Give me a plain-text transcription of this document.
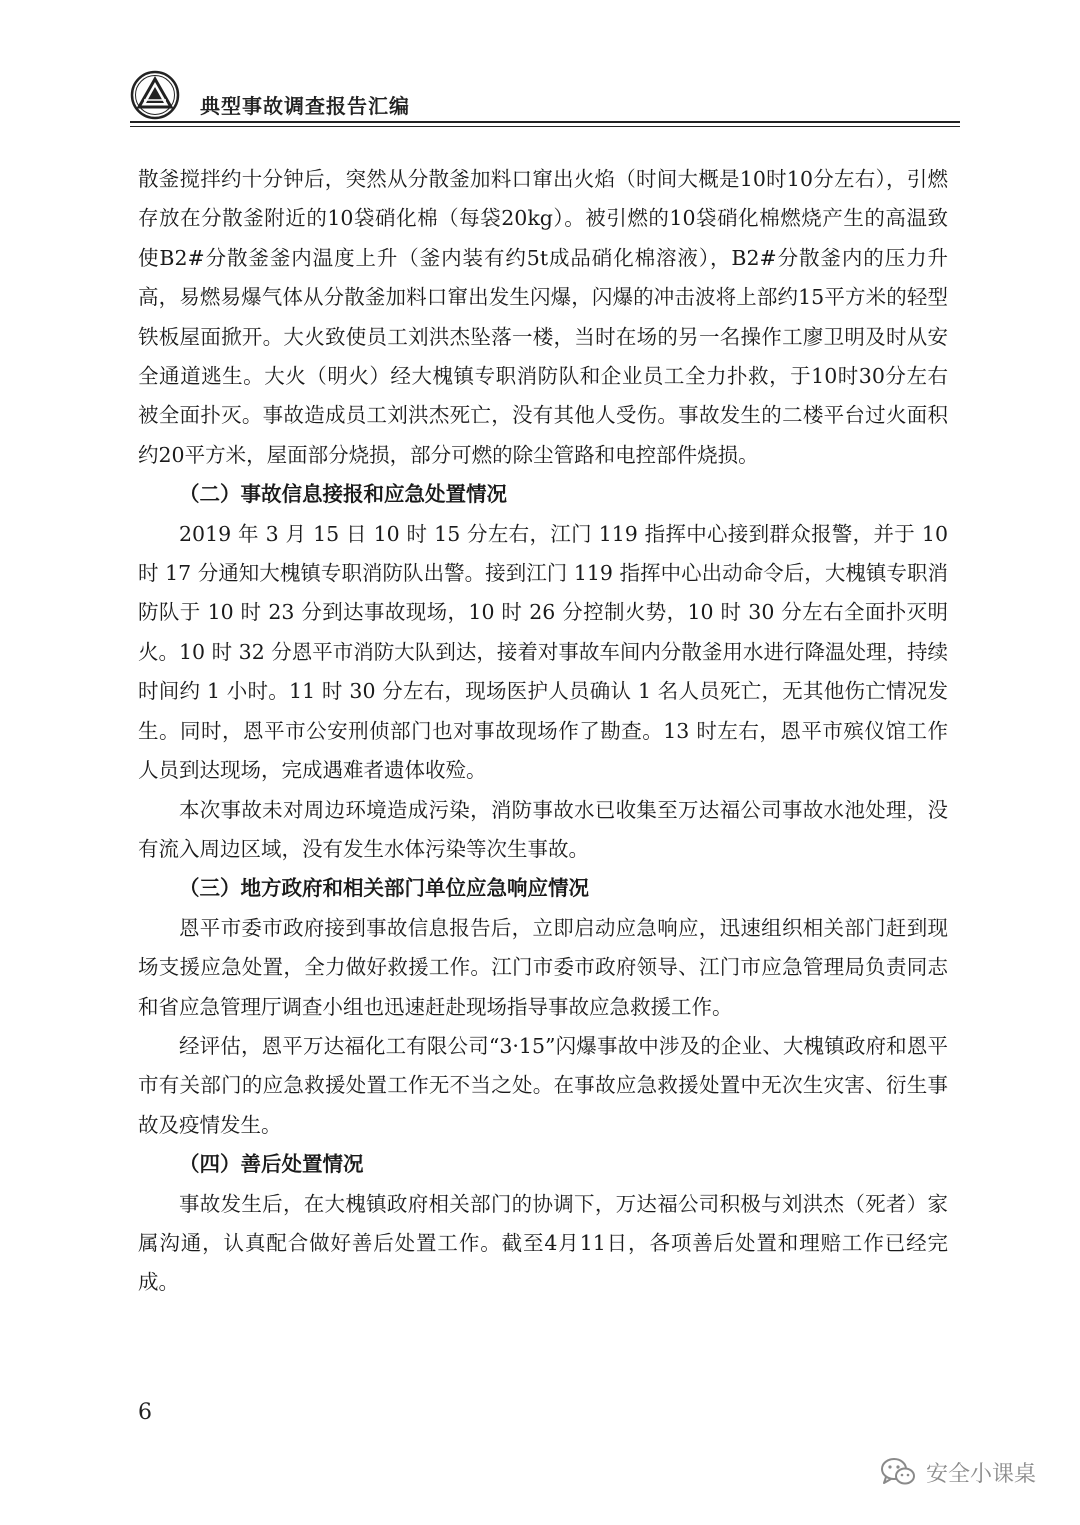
典型事故调查报告汇编

散釜搅拌约十分钟后，突然从分散釜加料口窜出火焰（时间大概是10时10分左右），引燃存放在分散釜附近的10袋硝化棉（每袋20kg）。被引燃的10袋硝化棉燃烧产生的高温致使B2#分散釜釜内温度上升（釜内装有约5t成品硝化棉溶液），B2#分散釜内的压力升高，易燃易爆气体从分散釜加料口窜出发生闪爆，闪爆的冲击波将上部约15平方米的轻型铁板屋面掀开。大火致使员工刘洪杰坠落一楼，当时在场的另一名操作工廖卫明及时从安全通道逃生。大火（明火）经大槐镇专职消防队和企业员工全力扑救，于10时30分左右被全面扑灭。事故造成员工刘洪杰死亡，没有其他人受伤。事故发生的二楼平台过火面积约20平方米，屋面部分烧损，部分可燃的除尘管路和电控部件烧损。

（二）事故信息接报和应急处置情况

2019 年 3 月 15 日 10 时 15 分左右，江门 119 指挥中心接到群众报警，并于 10 时 17 分通知大槐镇专职消防队出警。接到江门 119 指挥中心出动命令后，大槐镇专职消防队于 10 时 23 分到达事故现场，10 时 26 分控制火势，10 时 30 分左右全面扑灭明火。10 时 32 分恩平市消防大队到达，接着对事故车间内分散釜用水进行降温处理，持续时间约 1 小时。11 时 30 分左右，现场医护人员确认 1 名人员死亡，无其他伤亡情况发生。同时，恩平市公安刑侦部门也对事故现场作了勘查。13 时左右，恩平市殡仪馆工作人员到达现场，完成遇难者遗体收殓。

本次事故未对周边环境造成污染，消防事故水已收集至万达福公司事故水池处理，没有流入周边区域，没有发生水体污染等次生事故。

（三）地方政府和相关部门单位应急响应情况

恩平市委市政府接到事故信息报告后，立即启动应急响应，迅速组织相关部门赶到现场支援应急处置，全力做好救援工作。江门市委市政府领导、江门市应急管理局负责同志和省应急管理厅调查小组也迅速赶赴现场指导事故应急救援工作。

经评估，恩平万达福化工有限公司“3·15”闪爆事故中涉及的企业、大槐镇政府和恩平市有关部门的应急救援处置工作无不当之处。在事故应急救援处置中无次生灾害、衍生事故及疫情发生。

（四）善后处置情况

事故发生后，在大槐镇政府相关部门的协调下，万达福公司积极与刘洪杰（死者）家属沟通，认真配合做好善后处置工作。截至4月11日，各项善后处置和理赔工作已经完成。

6
安全小课桌
